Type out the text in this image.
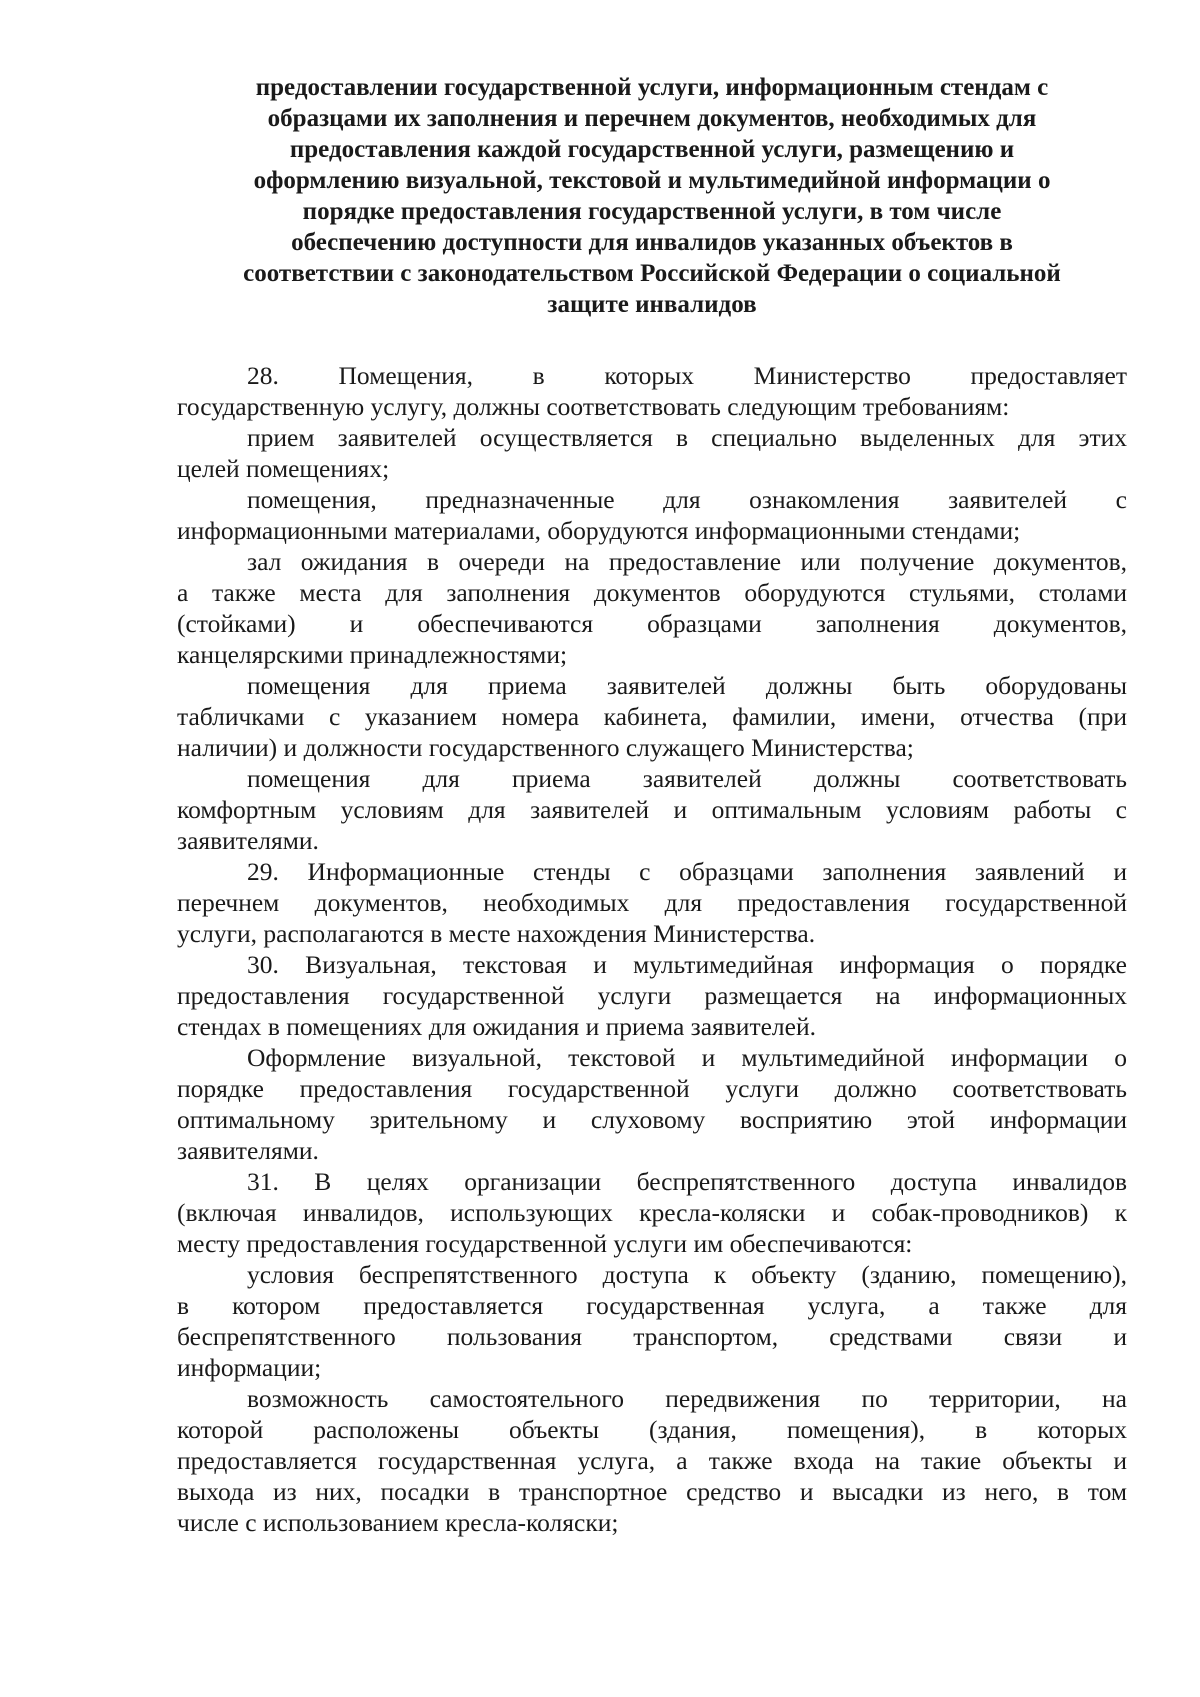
предоставлении государственной услуги, информационным стендам с
образцами их заполнения и перечнем документов, необходимых для
предоставления каждой государственной услуги, размещению и
оформлению визуальной, текстовой и мультимедийной информации о
порядке предоставления государственной услуги, в том числе
обеспечению доступности для инвалидов указанных объектов в
соответствии с законодательством Российской Федерации о социальной
защите инвалидов
28. Помещения, в которых Министерство предоставляет
государственную услугу, должны соответствовать следующим требованиям:
прием заявителей осуществляется в специально выделенных для этих
целей помещениях;
помещения, предназначенные для ознакомления заявителей с
информационными материалами, оборудуются информационными стендами;
зал ожидания в очереди на предоставление или получение документов,
а также места для заполнения документов оборудуются стульями, столами
(стойками) и обеспечиваются образцами заполнения документов,
канцелярскими принадлежностями;
помещения для приема заявителей должны быть оборудованы
табличками с указанием номера кабинета, фамилии, имени, отчества (при
наличии) и должности государственного служащего Министерства;
помещения для приема заявителей должны соответствовать
комфортным условиям для заявителей и оптимальным условиям работы с
заявителями.
29. Информационные стенды с образцами заполнения заявлений и
перечнем документов, необходимых для предоставления государственной
услуги, располагаются в месте нахождения Министерства.
30. Визуальная, текстовая и мультимедийная информация о порядке
предоставления государственной услуги размещается на информационных
стендах в помещениях для ожидания и приема заявителей.
Оформление визуальной, текстовой и мультимедийной информации о
порядке предоставления государственной услуги должно соответствовать
оптимальному зрительному и слуховому восприятию этой информации
заявителями.
31. В целях организации беспрепятственного доступа инвалидов
(включая инвалидов, использующих кресла-коляски и собак-проводников) к
месту предоставления государственной услуги им обеспечиваются:
условия беспрепятственного доступа к объекту (зданию, помещению),
в котором предоставляется государственная услуга, а также для
беспрепятственного пользования транспортом, средствами связи и
информации;
возможность самостоятельного передвижения по территории, на
которой расположены объекты (здания, помещения), в которых
предоставляется государственная услуга, а также входа на такие объекты и
выхода из них, посадки в транспортное средство и высадки из него, в том
числе с использованием кресла-коляски;
